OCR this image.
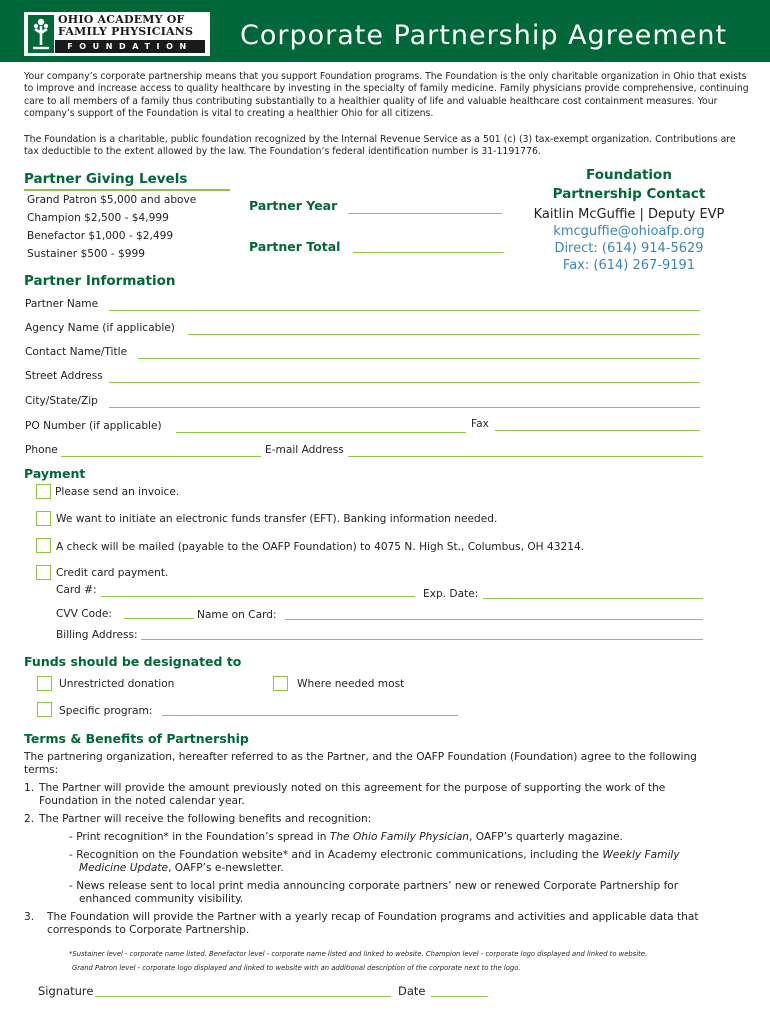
OHIO ACADEMY OF
FAMILY PHYSICIANS
FOUNDATION	Corporate Partnership Agreement
Your company’s corporate partnership means that you support Foundation programs. The Foundation is the only charitable organization in Ohio that exists to improve and increase access to quality healthcare by investing in the specialty of family medicine. Family physicians provide comprehensive, continuing care to all members of a family thus contributing substantially to a healthier quality of life and valuable healthcare cost containment measures. Your company’s support of the Foundation is vital to creating a healthier Ohio for all citizens.
The Foundation is a charitable, public foundation recognized by the Internal Revenue Service as a 501 (c) (3) tax-exempt organization. Contributions are tax deductible to the extent allowed by the law. The Foundation’s federal identification number is 31-1191776.
Partner Giving Levels
Grand Patron $5,000 and above
Champion $2,500 - $4,999
Benefactor $1,000 - $2,499
Sustainer $500 - $999
Partner Year
Partner Total
Foundation
Partnership Contact
Kaitlin McGuffie | Deputy EVP
kmcguffie@ohioafp.org
Direct: (614) 914-5629
Fax: (614) 267-9191
Partner Information
Partner Name
Agency Name (if applicable)
Contact Name/Title
Street Address
City/State/Zip
PO Number (if applicable)	Fax
Phone	E-mail Address
Payment
Please send an invoice.
We want to initiate an electronic funds transfer (EFT). Banking information needed.
A check will be mailed (payable to the OAFP Foundation) to 4075 N. High St., Columbus, OH 43214.
Credit card payment.
Card #:	Exp. Date:
CVV Code:	Name on Card:
Billing Address:
Funds should be designated to
Unrestricted donation	Where needed most
Specific program:
Terms & Benefits of Partnership
The partnering organization, hereafter referred to as the Partner, and the OAFP Foundation (Foundation) agree to the following terms:
1. The Partner will provide the amount previously noted on this agreement for the purpose of supporting the work of the Foundation in the noted calendar year.
2. The Partner will receive the following benefits and recognition:
- Print recognition* in the Foundation’s spread in The Ohio Family Physician, OAFP’s quarterly magazine.
- Recognition on the Foundation website* and in Academy electronic communications, including the Weekly Family Medicine Update, OAFP’s e-newsletter.
- News release sent to local print media announcing corporate partners’ new or renewed Corporate Partnership for enhanced community visibility.
3. The Foundation will provide the Partner with a yearly recap of Foundation programs and activities and applicable data that corresponds to Corporate Partnership.
*Sustainer level - corporate name listed. Benefactor level - corporate name listed and linked to website. Champion level - corporate logo displayed and linked to website.
Grand Patron level - corporate logo displayed and linked to website with an additional description of the corporate next to the logo.
Signature	Date
